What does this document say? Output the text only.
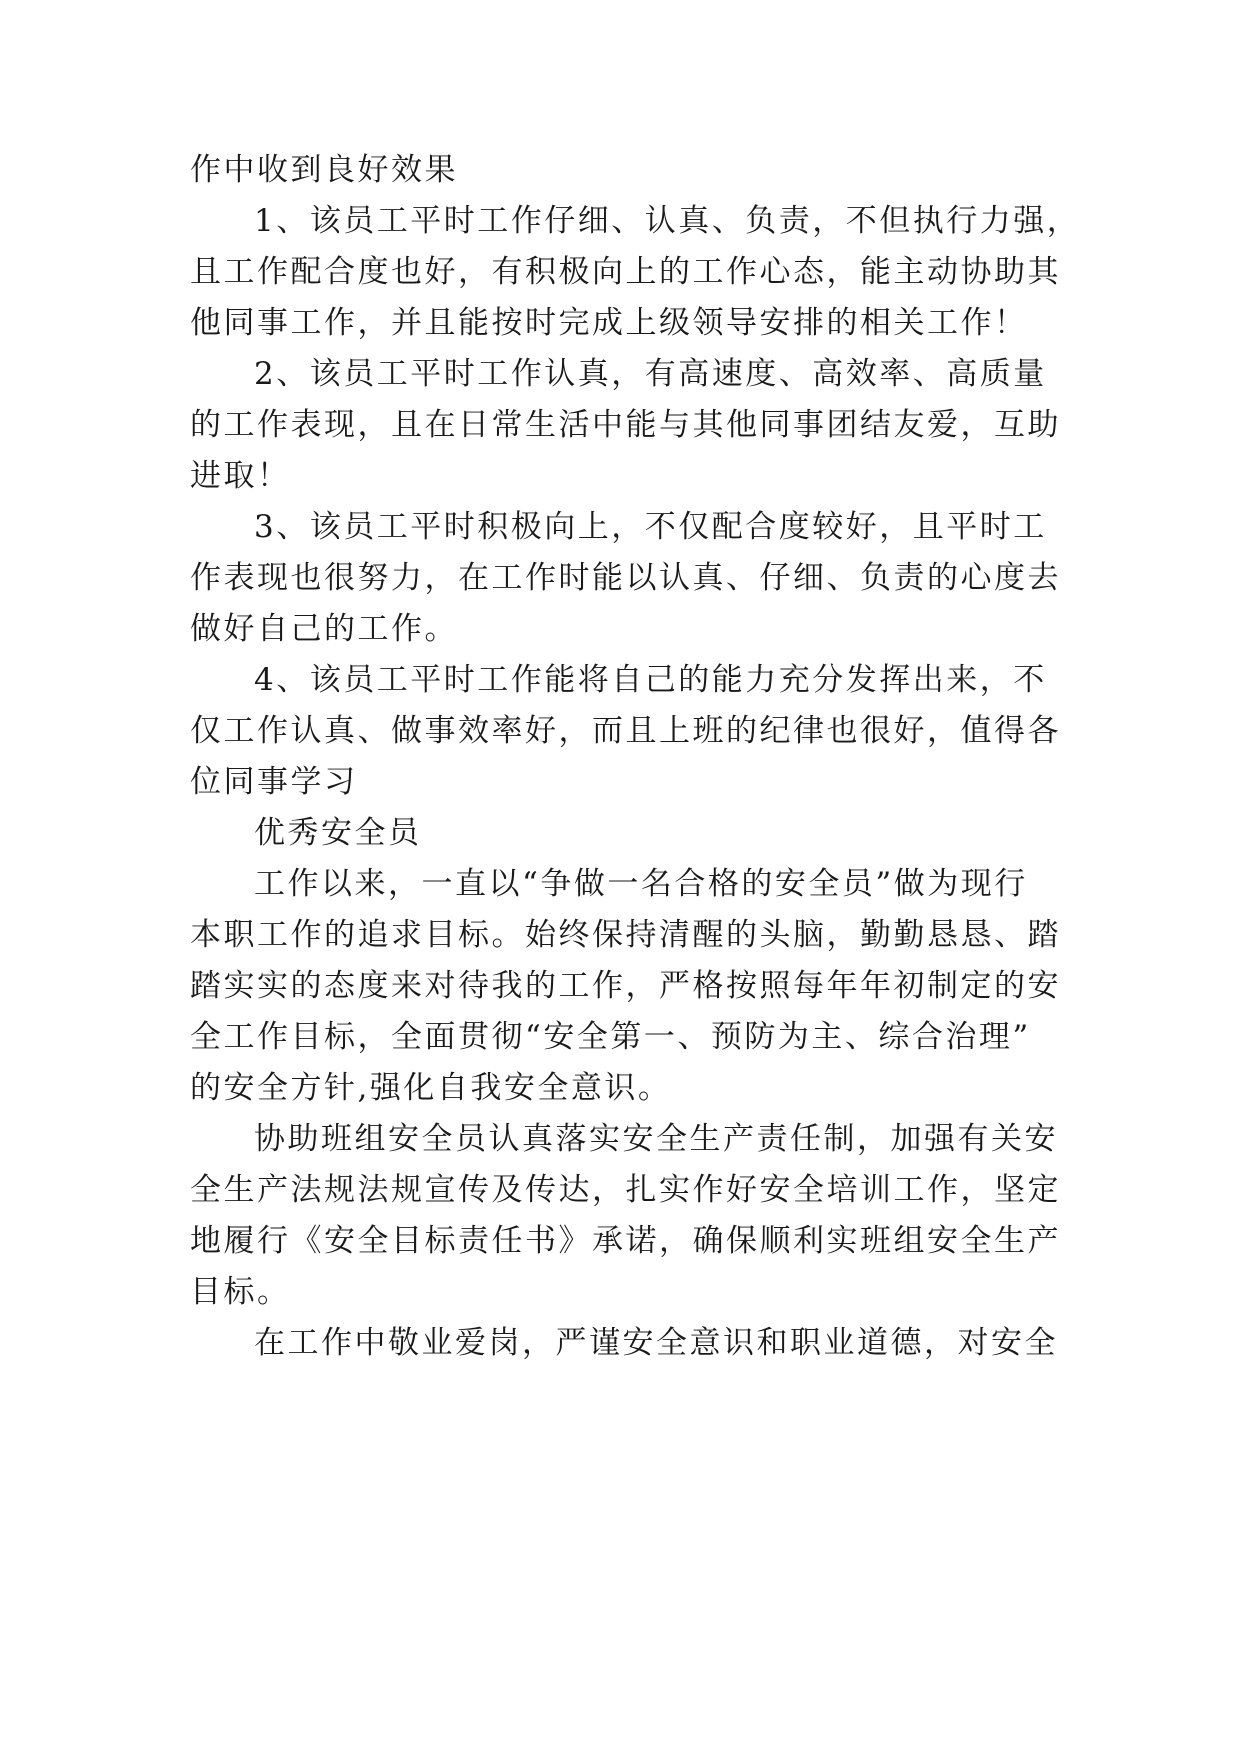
作中收到良好效果

1、该员工平时工作仔细、认真、负责，不但执行力强，

且工作配合度也好，有积极向上的工作心态，能主动协助其

他同事工作，并且能按时完成上级领导安排的相关工作！

2、该员工平时工作认真，有高速度、高效率、高质量

的工作表现，且在日常生活中能与其他同事团结友爱，互助

进取！

3、该员工平时积极向上，不仅配合度较好，且平时工

作表现也很努力，在工作时能以认真、仔细、负责的心度去

做好自己的工作。

4、该员工平时工作能将自己的能力充分发挥出来，不

仅工作认真、做事效率好，而且上班的纪律也很好，值得各

位同事学习

优秀安全员

工作以来，一直以“争做一名合格的安全员”做为现行

本职工作的追求目标。始终保持清醒的头脑，勤勤恳恳、踏

踏实实的态度来对待我的工作，严格按照每年年初制定的安

全工作目标，全面贯彻“安全第一、预防为主、综合治理”

的安全方针,强化自我安全意识。

协助班组安全员认真落实安全生产责任制，加强有关安

全生产法规法规宣传及传达，扎实作好安全培训工作，坚定

地履行《安全目标责任书》承诺，确保顺利实班组安全生产

目标。

在工作中敬业爱岗，严谨安全意识和职业道德，对安全
